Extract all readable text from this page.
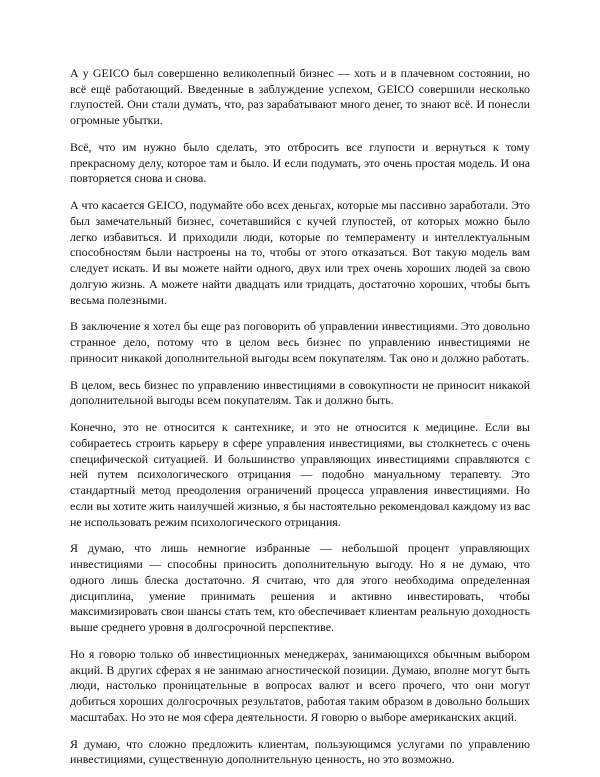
А у GEICO был совершенно великолепный бизнес — хоть и в плачевном состоянии, но всё ещё работающий. Введенные в заблуждение успехом, GEICO совершили несколько глупостей. Они стали думать, что, раз зарабатывают много денег, то знают всё. И понесли огромные убытки.

Всё, что им нужно было сделать, это отбросить все глупости и вернуться к тому прекрасному делу, которое там и было. И если подумать, это очень простая модель. И она повторяется снова и снова.

А что касается GEICO, подумайте обо всех деньгах, которые мы пассивно заработали. Это был замечательный бизнес, сочетавшийся с кучей глупостей, от которых можно было легко избавиться. И приходили люди, которые по темпераменту и интеллектуальным способностям были настроены на то, чтобы от этого отказаться. Вот такую модель вам следует искать. И вы можете найти одного, двух или трех очень хороших людей за свою долгую жизнь. А можете найти двадцать или тридцать, достаточно хороших, чтобы быть весьма полезными.

В заключение я хотел бы еще раз поговорить об управлении инвестициями. Это довольно странное дело, потому что в целом весь бизнес по управлению инвестициями не приносит никакой дополнительной выгоды всем покупателям. Так оно и должно работать.

В целом, весь бизнес по управлению инвестициями в совокупности не приносит никакой дополнительной выгоды всем покупателям. Так и должно быть.

Конечно, это не относится к сантехнике, и это не относится к медицине. Если вы собираетесь строить карьеру в сфере управления инвестициями, вы столкнетесь с очень специфической ситуацией. И большинство управляющих инвестициями справляются с ней путем психологического отрицания — подобно мануальному терапевту. Это стандартный метод преодоления ограничений процесса управления инвестициями. Но если вы хотите жить наилучшей жизнью, я бы настоятельно рекомендовал каждому из вас не использовать режим психологического отрицания.

Я думаю, что лишь немногие избранные — небольшой процент управляющих инвестициями — способны приносить дополнительную выгоду. Но я не думаю, что одного лишь блеска достаточно. Я считаю, что для этого необходима определенная дисциплина, умение принимать решения и активно инвестировать, чтобы максимизировать свои шансы стать тем, кто обеспечивает клиентам реальную доходность выше среднего уровня в долгосрочной перспективе.

Но я говорю только об инвестиционных менеджерах, занимающихся обычным выбором акций. В других сферах я не занимаю агностической позиции. Думаю, вполне могут быть люди, настолько проницательные в вопросах валют и всего прочего, что они могут добиться хороших долгосрочных результатов, работая таким образом в довольно больших масштабах. Но это не моя сфера деятельности. Я говорю о выборе американских акций.

Я думаю, что сложно предложить клиентам, пользующимся услугами по управлению инвестициями, существенную дополнительную ценность, но это возможно.
